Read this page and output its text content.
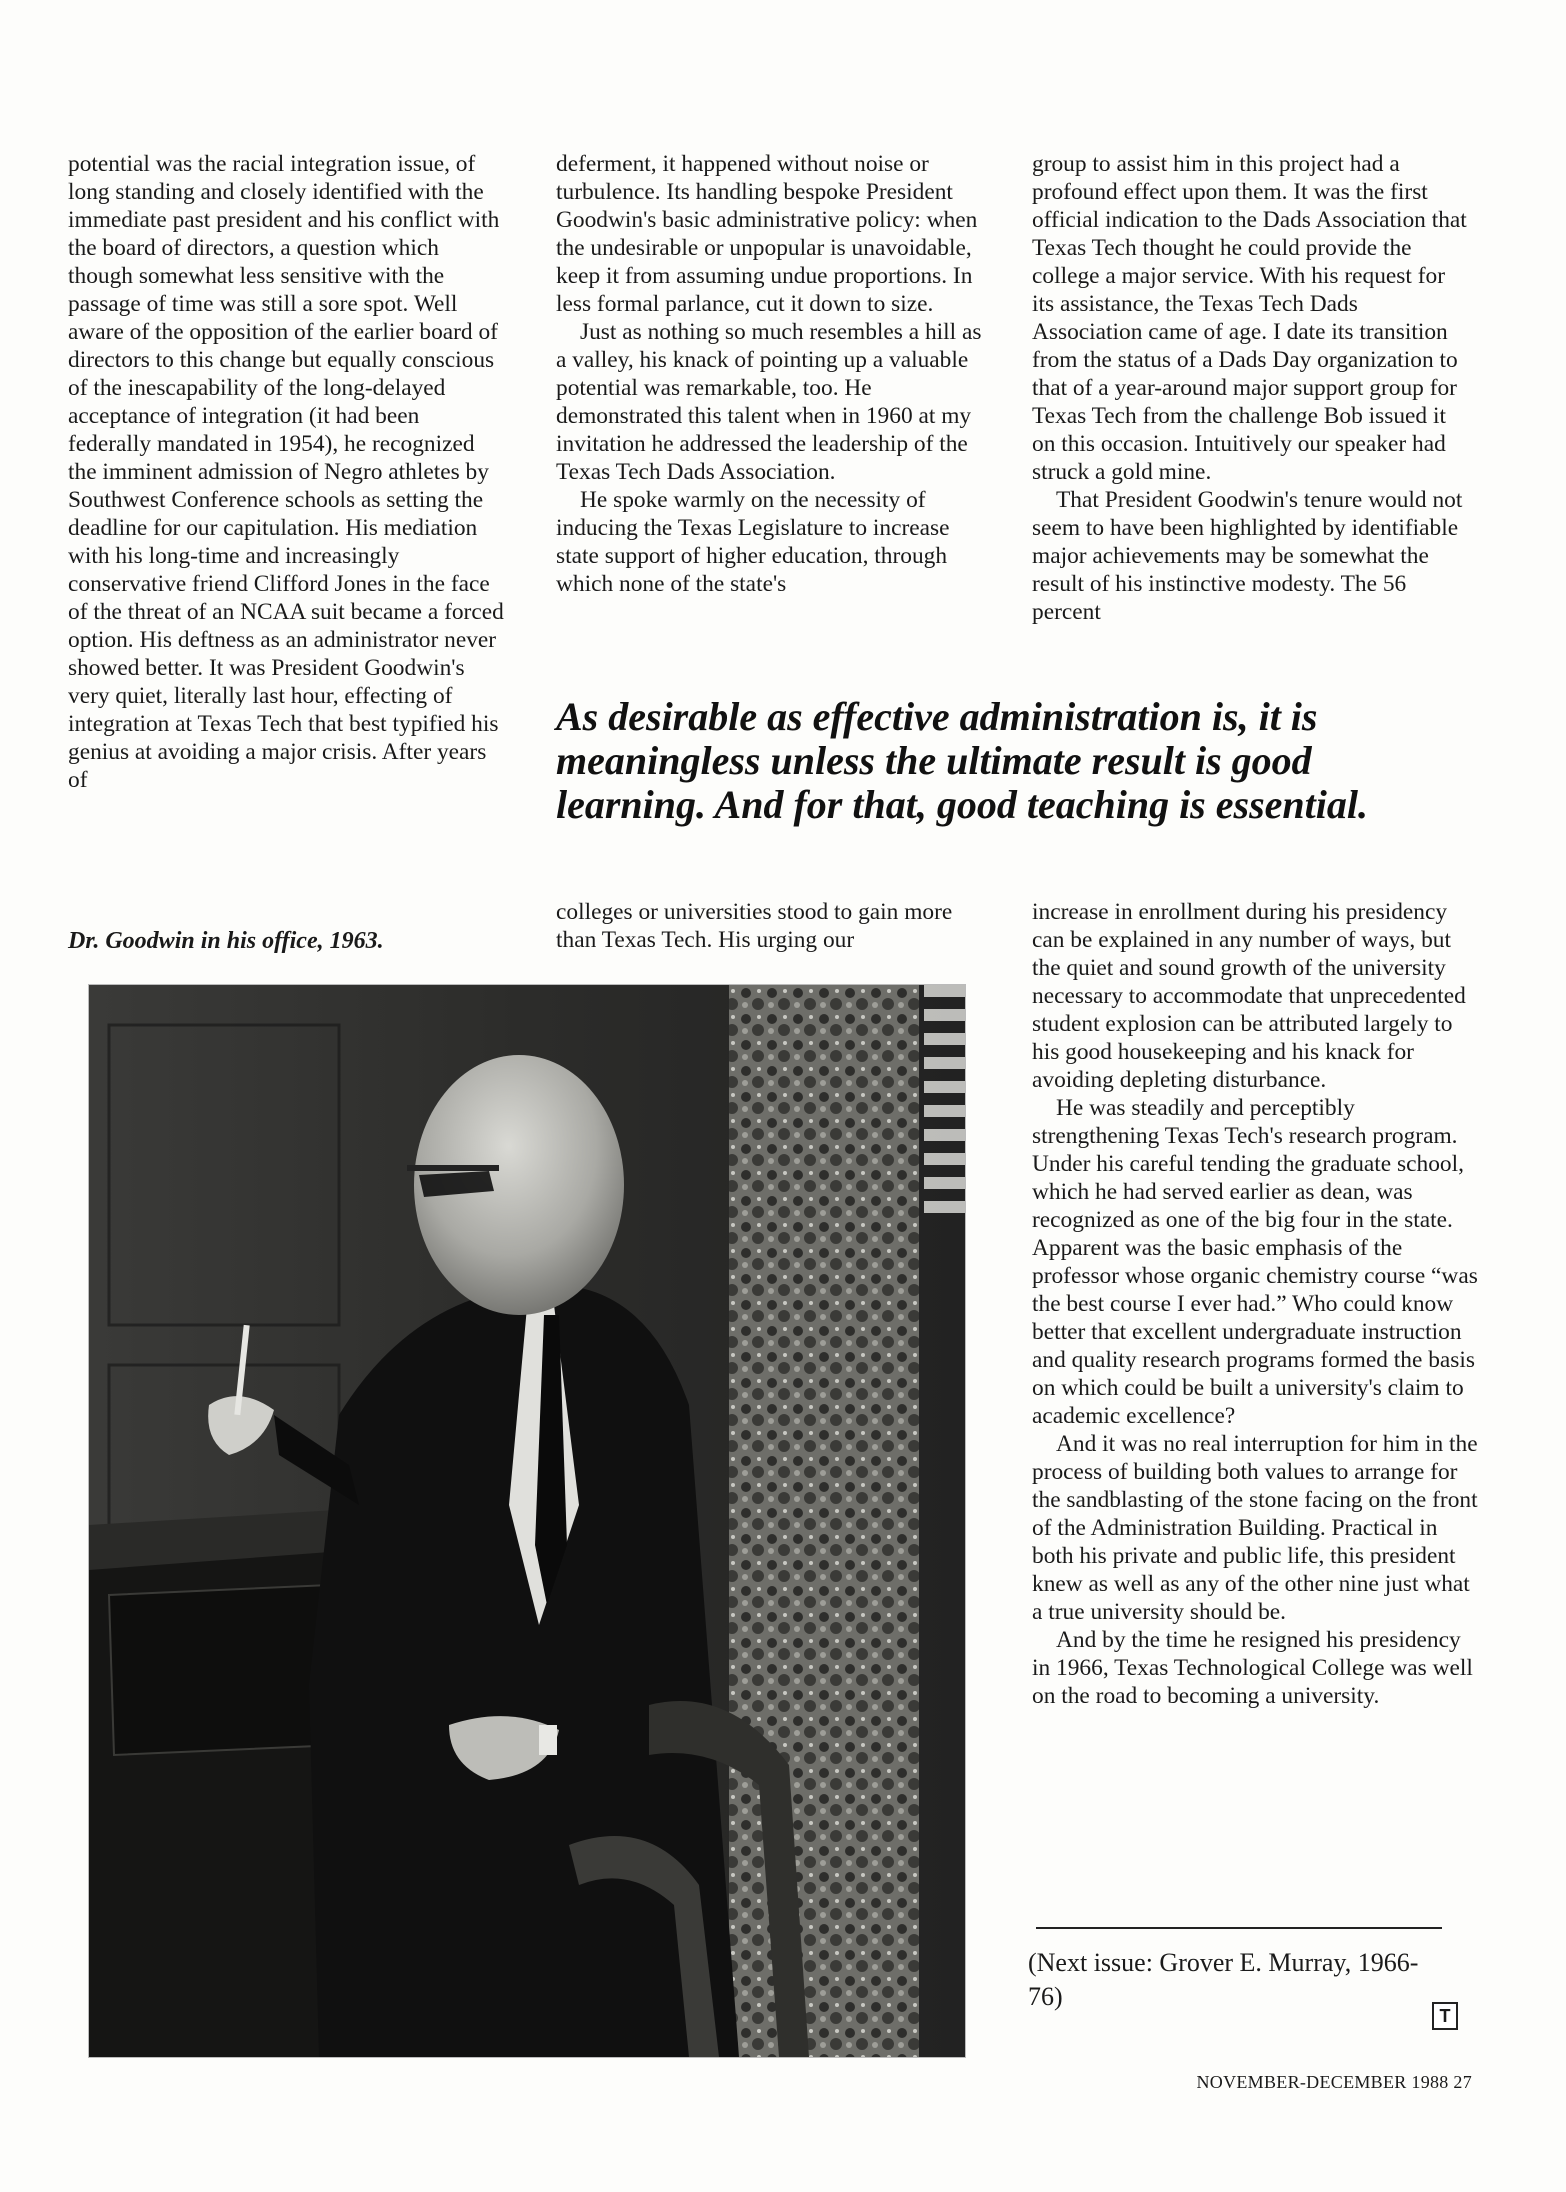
potential was the racial integration issue, of long standing and closely identified with the immediate past president and his conflict with the board of directors, a question which though somewhat less sensitive with the passage of time was still a sore spot. Well aware of the opposition of the earlier board of directors to this change but equally conscious of the inescapability of the long-delayed acceptance of integration (it had been federally mandated in 1954), he recognized the imminent admission of Negro athletes by Southwest Conference schools as setting the deadline for our capitulation. His mediation with his long-time and increasingly conservative friend Clifford Jones in the face of the threat of an NCAA suit became a forced option. His deftness as an administrator never showed better. It was President Goodwin's very quiet, literally last hour, effecting of integration at Texas Tech that best typified his genius at avoiding a major crisis. After years of

deferment, it happened without noise or turbulence. Its handling bespoke President Goodwin's basic administrative policy: when the undesirable or unpopular is unavoidable, keep it from assuming undue proportions. In less formal parlance, cut it down to size.

Just as nothing so much resembles a hill as a valley, his knack of pointing up a valuable potential was remarkable, too. He demonstrated this talent when in 1960 at my invitation he addressed the leadership of the Texas Tech Dads Association.

He spoke warmly on the necessity of inducing the Texas Legislature to increase state support of higher education, through which none of the state's

group to assist him in this project had a profound effect upon them. It was the first official indication to the Dads Association that Texas Tech thought he could provide the college a major service. With his request for its assistance, the Texas Tech Dads Association came of age. I date its transition from the status of a Dads Day organization to that of a year-around major support group for Texas Tech from the challenge Bob issued it on this occasion. Intuitively our speaker had struck a gold mine.

That President Goodwin's tenure would not seem to have been highlighted by identifiable major achievements may be somewhat the result of his instinctive modesty. The 56 percent

As desirable as effective administration is, it is meaningless unless the ultimate result is good learning. And for that, good teaching is essential.
Dr. Goodwin in his office, 1963.

colleges or universities stood to gain more than Texas Tech. His urging our

increase in enrollment during his presidency can be explained in any number of ways, but the quiet and sound growth of the university necessary to accommodate that unprecedented student explosion can be attributed largely to his good housekeeping and his knack for avoiding depleting disturbance.

He was steadily and perceptibly strengthening Texas Tech's research program. Under his careful tending the graduate school, which he had served earlier as dean, was recognized as one of the big four in the state. Apparent was the basic emphasis of the professor whose organic chemistry course “was the best course I ever had.” Who could know better that excellent undergraduate instruction and quality research programs formed the basis on which could be built a university's claim to academic excellence?

And it was no real interruption for him in the process of building both values to arrange for the sandblasting of the stone facing on the front of the Administration Building. Practical in both his private and public life, this president knew as well as any of the other nine just what a true university should be.

And by the time he resigned his presidency in 1966, Texas Technological College was well on the road to becoming a university.

(Next issue: Grover E. Murray, 1966-76)
T
NOVEMBER-DECEMBER 1988 27
